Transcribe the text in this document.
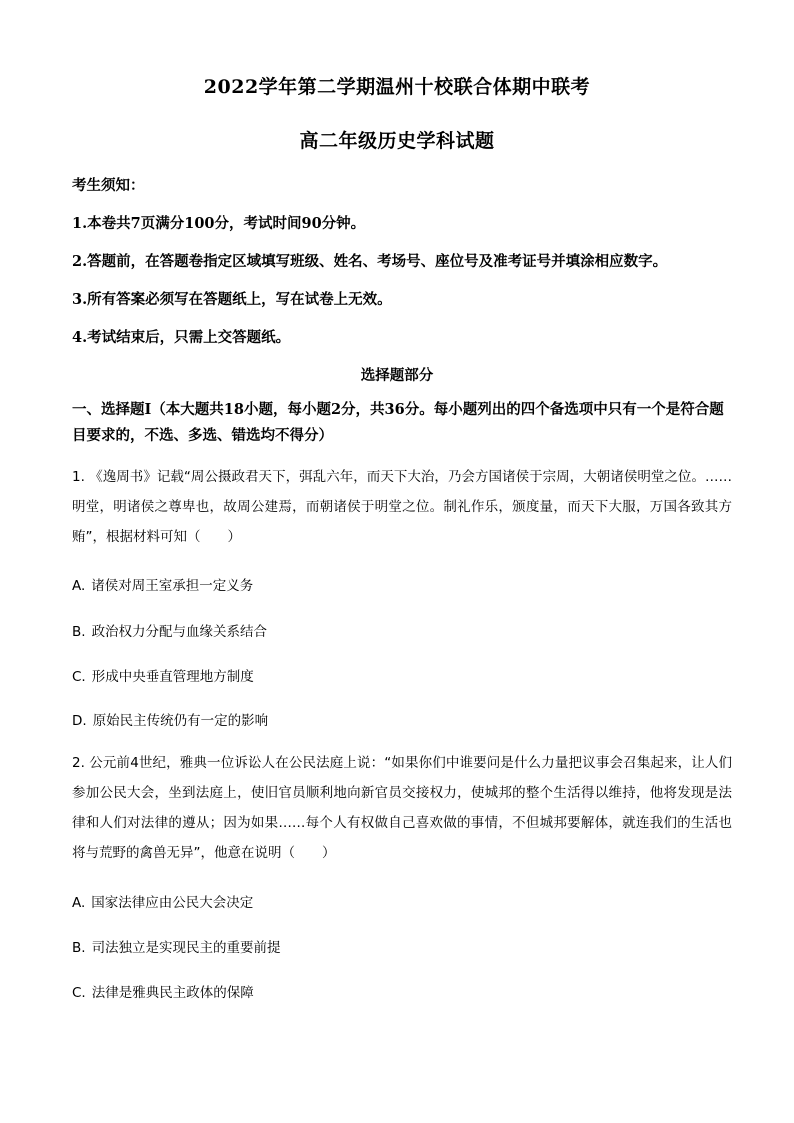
2022学年第二学期温州十校联合体期中联考
高二年级历史学科试题
考生须知：
1.本卷共7页满分100分，考试时间90分钟。
2.答题前，在答题卷指定区域填写班级、姓名、考场号、座位号及准考证号并填涂相应数字。
3.所有答案必须写在答题纸上，写在试卷上无效。
4.考试结束后，只需上交答题纸。
选择题部分
一、选择题Ⅰ（本大题共18小题，每小题2分，共36分。每小题列出的四个备选项中只有一个是符合题目要求的，不选、多选、错选均不得分）
1. 《逸周书》记载“周公摄政君天下，弭乱六年，而天下大治，乃会方国诸侯于宗周，大朝诸侯明堂之位。……明堂，明诸侯之尊卑也，故周公建焉，而朝诸侯于明堂之位。制礼作乐，颁度量，而天下大服，万国各致其方贿”，根据材料可知（　　）
A. 诸侯对周王室承担一定义务
B. 政治权力分配与血缘关系结合
C. 形成中央垂直管理地方制度
D. 原始民主传统仍有一定的影响
2. 公元前4世纪，雅典一位诉讼人在公民法庭上说：“如果你们中谁要问是什么力量把议事会召集起来，让人们参加公民大会，坐到法庭上，使旧官员顺利地向新官员交接权力，使城邦的整个生活得以维持，他将发现是法律和人们对法律的遵从；因为如果……每个人有权做自己喜欢做的事情，不但城邦要解体，就连我们的生活也将与荒野的禽兽无异”，他意在说明（　　）
A. 国家法律应由公民大会决定
B. 司法独立是实现民主的重要前提
C. 法律是雅典民主政体的保障
